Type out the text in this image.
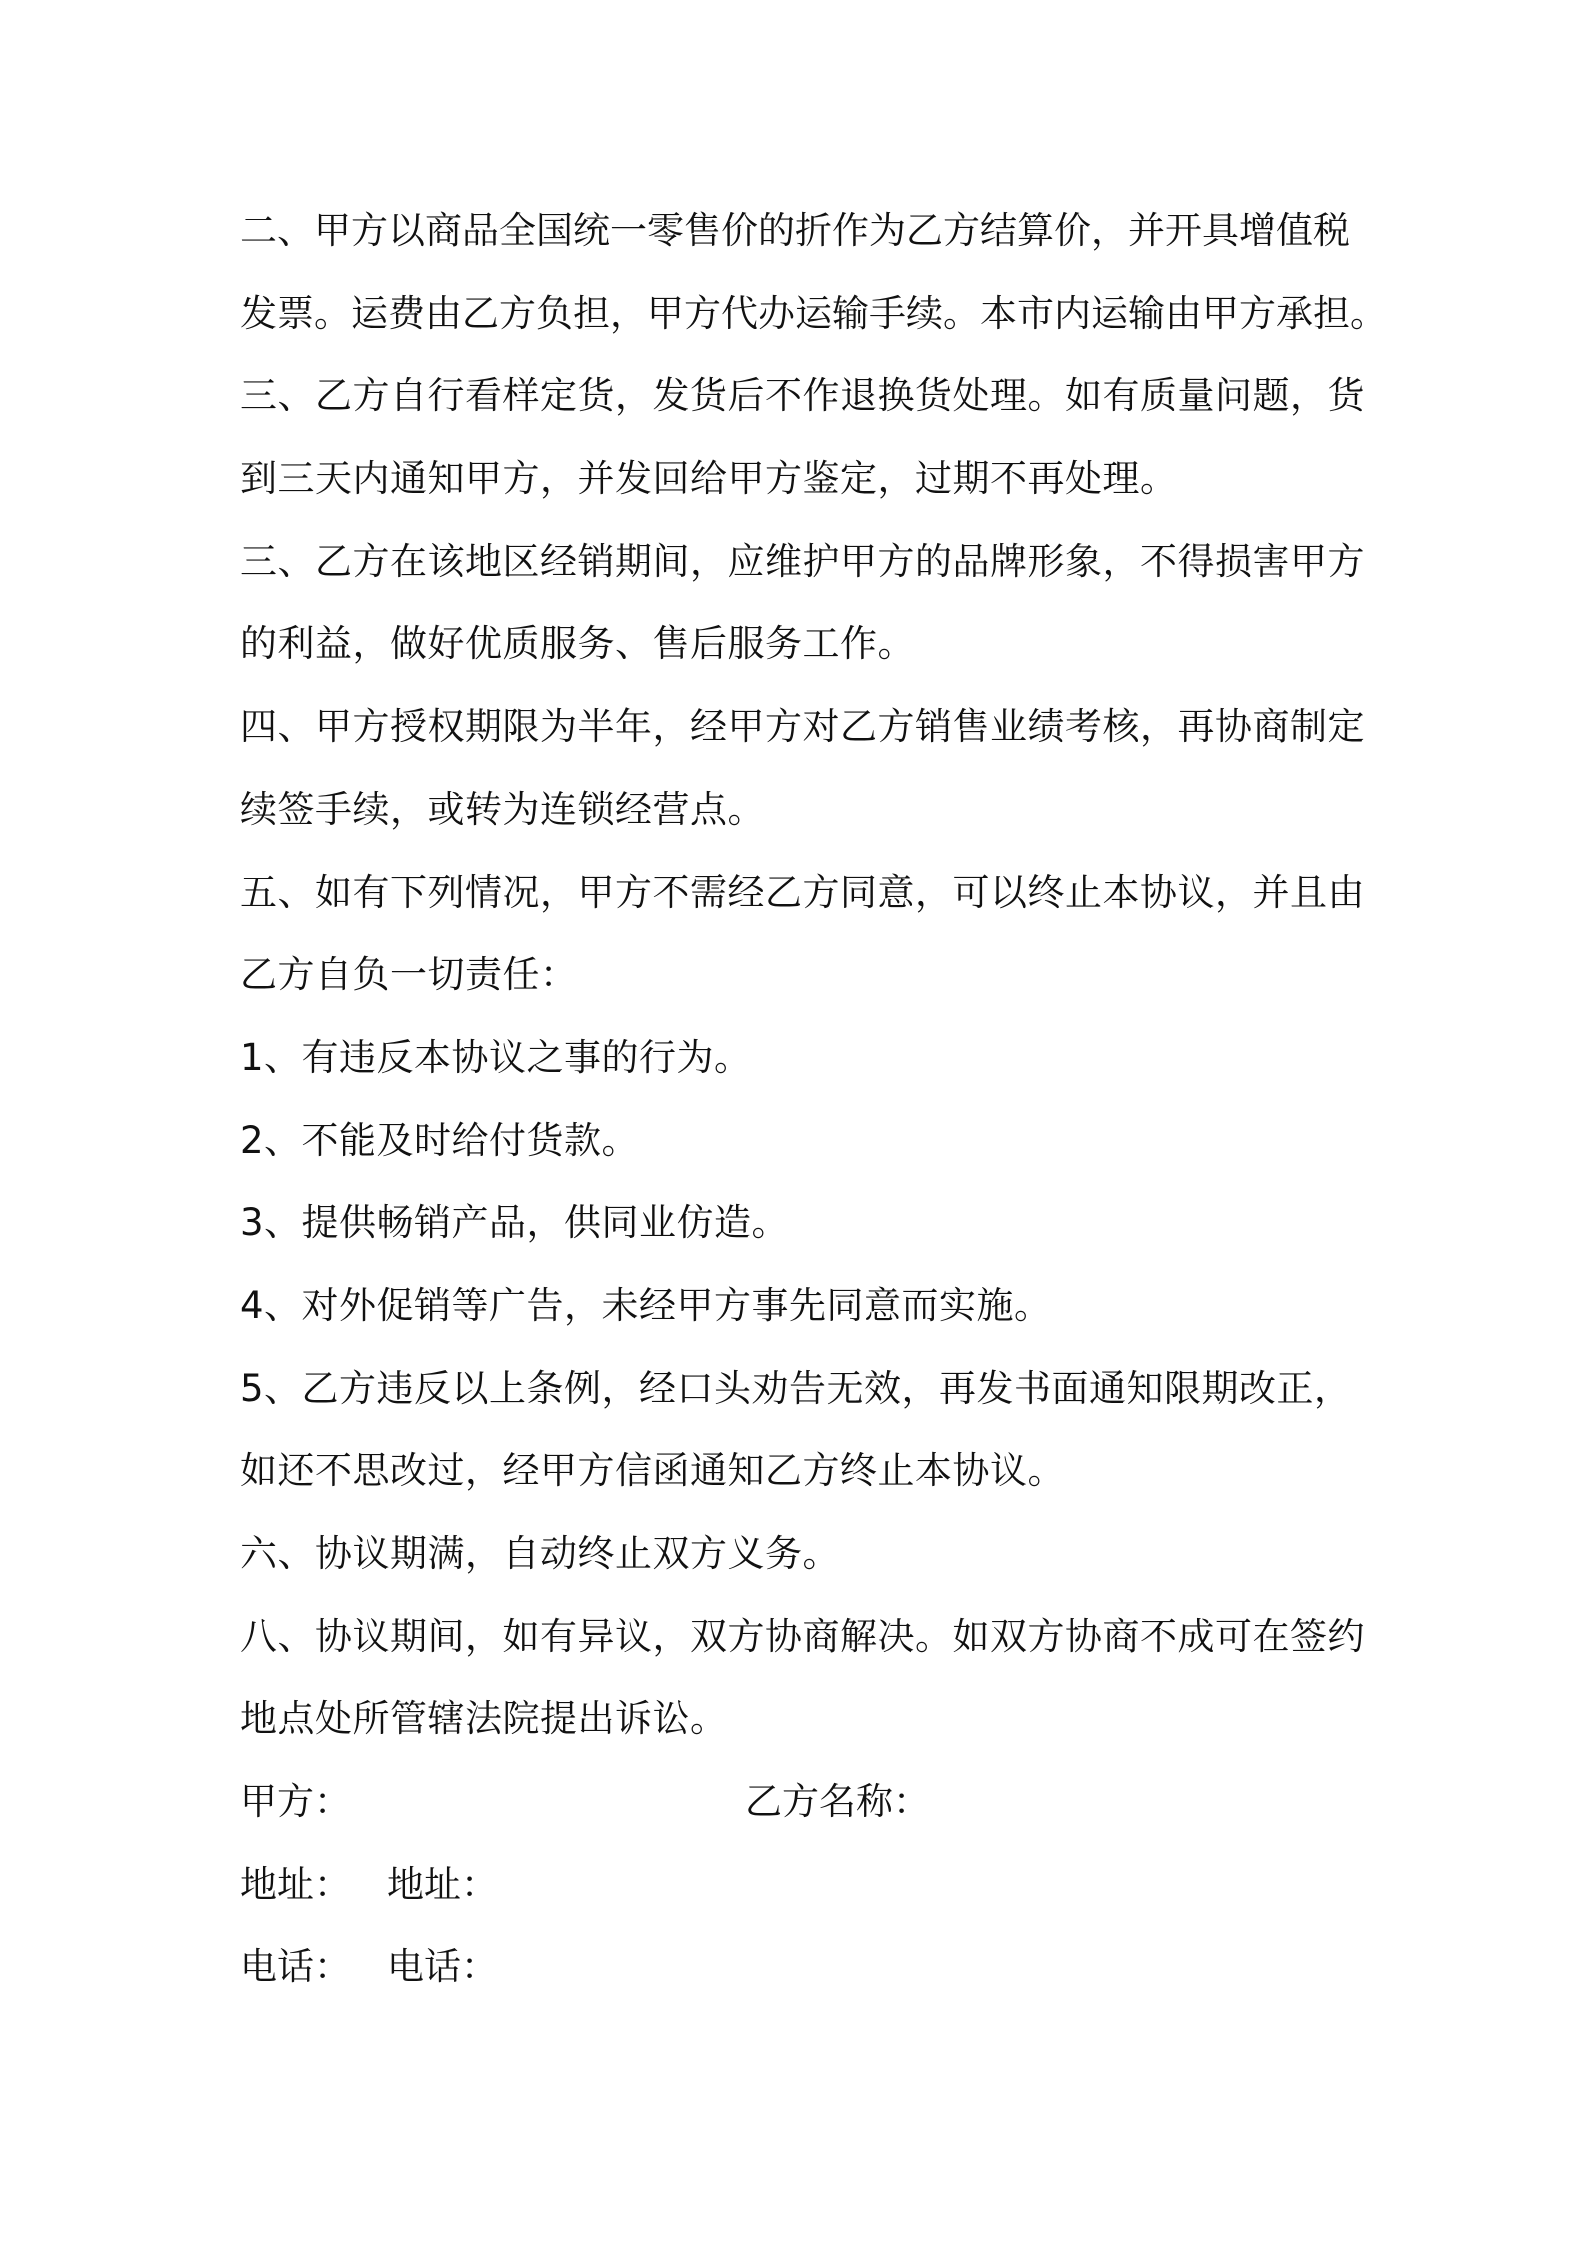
二、甲方以商品全国统一零售价的折作为乙方结算价，并开具增值税
发票。运费由乙方负担，甲方代办运输手续。本市内运输由甲方承担。
三、乙方自行看样定货，发货后不作退换货处理。如有质量问题，货
到三天内通知甲方，并发回给甲方鉴定，过期不再处理。
三、乙方在该地区经销期间，应维护甲方的品牌形象，不得损害甲方
的利益，做好优质服务、售后服务工作。
四、甲方授权期限为半年，经甲方对乙方销售业绩考核，再协商制定
续签手续，或转为连锁经营点。
五、如有下列情况，甲方不需经乙方同意，可以终止本协议，并且由
乙方自负一切责任：
1、有违反本协议之事的行为。
2、不能及时给付货款。
3、提供畅销产品，供同业仿造。
4、对外促销等广告，未经甲方事先同意而实施。
5、乙方违反以上条例，经口头劝告无效，再发书面通知限期改正，
如还不思改过，经甲方信函通知乙方终止本协议。
六、协议期满，自动终止双方义务。
八、协议期间，如有异议，双方协商解决。如双方协商不成可在签约
地点处所管辖法院提出诉讼。
甲方：	乙方名称：
地址： 地址：
电话： 电话：
